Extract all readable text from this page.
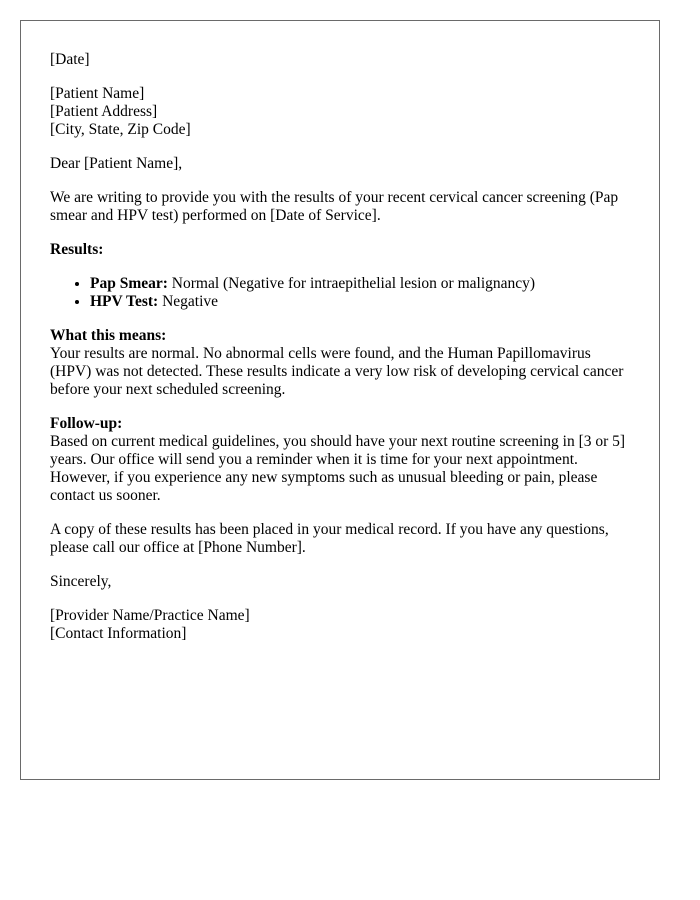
[Date]

[Patient Name]
[Patient Address]
[City, State, Zip Code]

Dear [Patient Name],

We are writing to provide you with the results of your recent cervical cancer screening (Pap smear and HPV test) performed on [Date of Service].

Results:

• Pap Smear: Normal (Negative for intraepithelial lesion or malignancy)
• HPV Test: Negative

What this means:
Your results are normal. No abnormal cells were found, and the Human Papillomavirus (HPV) was not detected. These results indicate a very low risk of developing cervical cancer before your next scheduled screening.

Follow-up:
Based on current medical guidelines, you should have your next routine screening in [3 or 5] years. Our office will send you a reminder when it is time for your next appointment. However, if you experience any new symptoms such as unusual bleeding or pain, please contact us sooner.

A copy of these results has been placed in your medical record. If you have any questions, please call our office at [Phone Number].

Sincerely,

[Provider Name/Practice Name]
[Contact Information]
